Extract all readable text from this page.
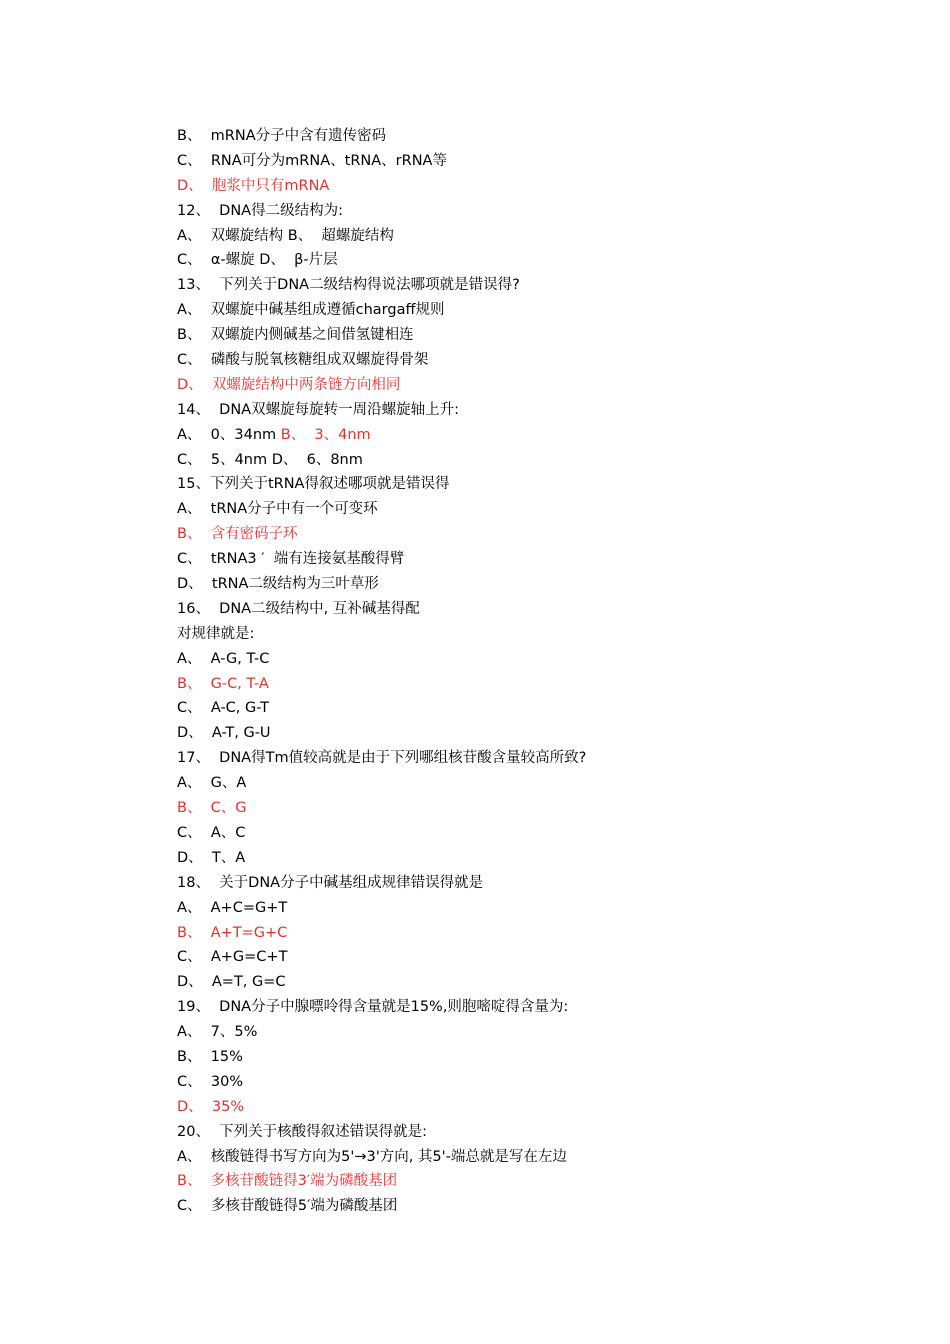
B、  mRNA分子中含有遗传密码
C、  RNA可分为mRNA、tRNA、rRNA等
D、  胞浆中只有mRNA
12、  DNA得二级结构为:
A、  双螺旋结构 B、  超螺旋结构
C、  α-螺旋 D、  β-片层
13、  下列关于DNA二级结构得说法哪项就是错误得?
A、  双螺旋中碱基组成遵循chargaff规则
B、  双螺旋内侧碱基之间借氢键相连
C、  磷酸与脱氧核糖组成双螺旋得骨架
D、  双螺旋结构中两条链方向相同
14、  DNA双螺旋每旋转一周沿螺旋轴上升:
A、  0、34nm B、  3、4nm
C、  5、4nm D、  6、8nm
15、下列关于tRNA得叙述哪项就是错误得
A、  tRNA分子中有一个可变环
B、  含有密码子环
C、  tRNA3 ′  端有连接氨基酸得臂
D、  tRNA二级结构为三叶草形
16、  DNA二级结构中, 互补碱基得配
对规律就是:
A、  A-G, T-C
B、  G-C, T-A
C、  A-C, G-T
D、  A-T, G-U
17、  DNA得Tm值较高就是由于下列哪组核苷酸含量较高所致?
A、  G、A
B、  C、G
C、  A、C
D、  T、A
18、  关于DNA分子中碱基组成规律错误得就是
A、  A+C=G+T
B、  A+T=G+C
C、  A+G=C+T
D、  A=T, G=C
19、  DNA分子中腺嘌呤得含量就是15%,则胞嘧啶得含量为:
A、  7、5%
B、  15%
C、  30%
D、  35%
20、  下列关于核酸得叙述错误得就是:
A、  核酸链得书写方向为5'→3'方向, 其5'-端总就是写在左边
B、  多核苷酸链得3′端为磷酸基团
C、  多核苷酸链得5′端为磷酸基团
